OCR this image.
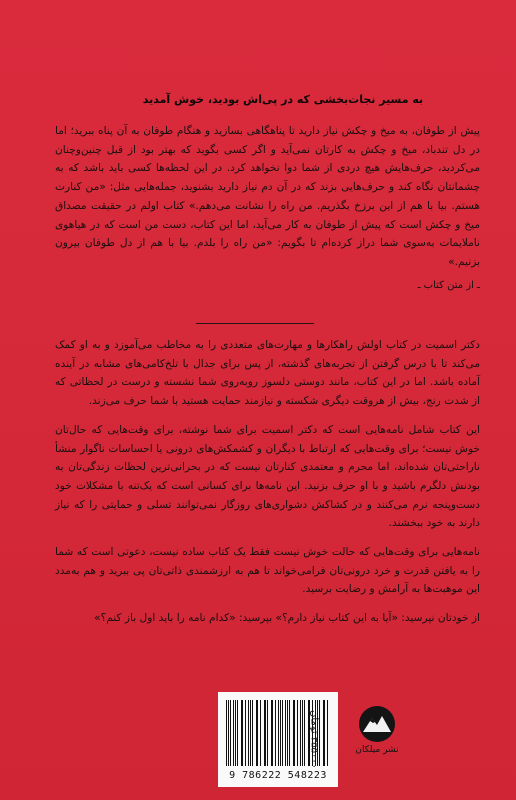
به مسیر نجات‌بخشی که در پی‌اش بودید، خوش آمدید

پیش از طوفان، به میخ و چکش نیاز دارید تا پناهگاهی بسازید و هنگام طوفان به آن پناه ببرید؛ اما در دل تندباد، میخ و چکش به کارتان نمی‌آید و اگر کسی بگوید که بهتر بود از قبل چنین‌وچنان می‌کردید، حرف‌هایش هیچ دردی از شما دوا نخواهد کرد. در این لحظه‌ها کسی باید باشد که به چشمانتان نگاه کند و حرف‌هایی بزند که در آن دم نیاز دارید بشنوید، جمله‌هایی مثل: «من کنارت هستم. بیا با هم از این برزخ بگذریم. من راه را نشانت می‌دهم.» کتاب اولم در حقیقت مصداق میخ و چکش است که پیش از طوفان به کار می‌آید، اما این کتاب، دست من است که در هیاهوی ناملایمات به‌سوی شما دراز کرده‌ام تا بگویم: «من راه را بلدم. بیا با هم از دل طوفان بیرون بزنیم.»

ـ از متن کتاب ـ

دکتر اسمیت در کتاب اولش راهکارها و مهارت‌های متعددی را به مخاطب می‌آموزد و به او کمک می‌کند تا با درس گرفتن از تجربه‌های گذشته، از پس برای جدال با تلخ‌کامی‌های مشابه در آینده آماده باشد. اما در این کتاب، مانند دوستی دلسوز روبه‌روی شما نشسته و درست در لحظاتی که از شدت رنج، بیش از هروقت دیگری شکسته و نیازمند حمایت هستید با شما حرف می‌زند.

این کتاب شامل نامه‌هایی است که دکتر اسمیت برای شما نوشته، برای وقت‌هایی که حال‌تان خوش نیست؛ برای وقت‌هایی که ارتباط با دیگران و کشمکش‌های درونی یا احساسات ناگوار منشأ ناراحتی‌تان شده‌اند، اما محرم و معتمدی کنارتان نیست که در بحرانی‌ترین لحظات زندگی‌تان به بودنش دلگرم باشید و با او حرف بزنید. این نامه‌ها برای کسانی است که یک‌تنه با مشکلات خود دست‌وپنجه نرم می‌کنند و در کشاکش دشواری‌های روزگار نمی‌توانند تسلی و حمایتی را که نیاز دارند به خود ببخشند.

نامه‌هایی برای وقت‌هایی که حالت خوش نیست فقط یک کتاب ساده نیست، دعوتی است که شما را به یافتن قدرت و خرد درونی‌تان فرامی‌خواند تا هم به ارزشمندی ذاتی‌تان پی ببرید و هم به‌مدد این موهبت‌ها به آرامش و رضایت برسید.

از خودتان نپرسید: «آیا به این کتاب نیاز دارم؟» بپرسید: «کدام نامه را باید اول باز کنم؟»

9 786222 548223
۳۵۵۰۰۰ تومان	نشر میلکان
